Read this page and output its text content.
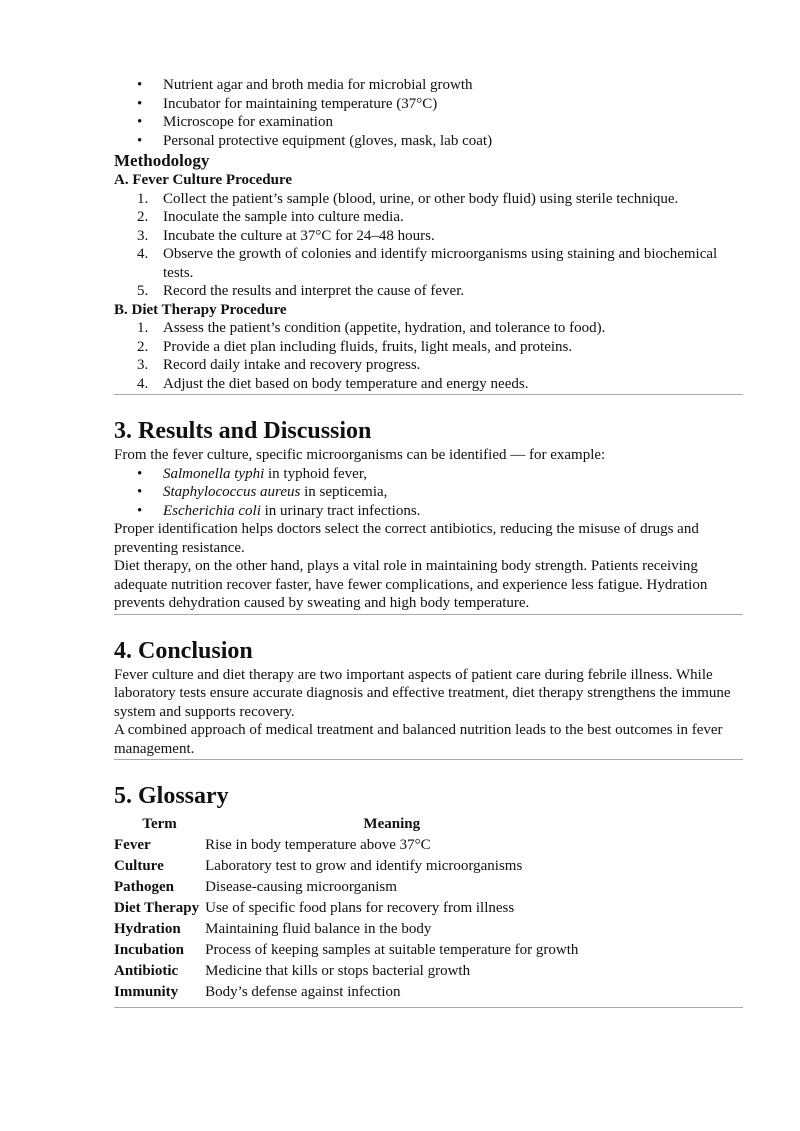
• Nutrient agar and broth media for microbial growth
• Incubator for maintaining temperature (37°C)
• Microscope for examination
• Personal protective equipment (gloves, mask, lab coat)
Methodology
A. Fever Culture Procedure
1. Collect the patient’s sample (blood, urine, or other body fluid) using sterile technique.
2. Inoculate the sample into culture media.
3. Incubate the culture at 37°C for 24–48 hours.
4. Observe the growth of colonies and identify microorganisms using staining and biochemical tests.
5. Record the results and interpret the cause of fever.
B. Diet Therapy Procedure
1. Assess the patient’s condition (appetite, hydration, and tolerance to food).
2. Provide a diet plan including fluids, fruits, light meals, and proteins.
3. Record daily intake and recovery progress.
4. Adjust the diet based on body temperature and energy needs.
3. Results and Discussion

From the fever culture, specific microorganisms can be identified — for example:

• Salmonella typhi in typhoid fever,
• Staphylococcus aureus in septicemia,
• Escherichia coli in urinary tract infections.

Proper identification helps doctors select the correct antibiotics, reducing the misuse of drugs and preventing resistance.

Diet therapy, on the other hand, plays a vital role in maintaining body strength. Patients receiving adequate nutrition recover faster, have fewer complications, and experience less fatigue. Hydration prevents dehydration caused by sweating and high body temperature.

4. Conclusion

Fever culture and diet therapy are two important aspects of patient care during febrile illness. While laboratory tests ensure accurate diagnosis and effective treatment, diet therapy strengthens the immune system and supports recovery.

A combined approach of medical treatment and balanced nutrition leads to the best outcomes in fever management.

5. Glossary
Term	Meaning
Fever	Rise in body temperature above 37°C
Culture	Laboratory test to grow and identify microorganisms
Pathogen	Disease-causing microorganism
Diet Therapy	Use of specific food plans for recovery from illness
Hydration	Maintaining fluid balance in the body
Incubation	Process of keeping samples at suitable temperature for growth
Antibiotic	Medicine that kills or stops bacterial growth
Immunity	Body’s defense against infection
